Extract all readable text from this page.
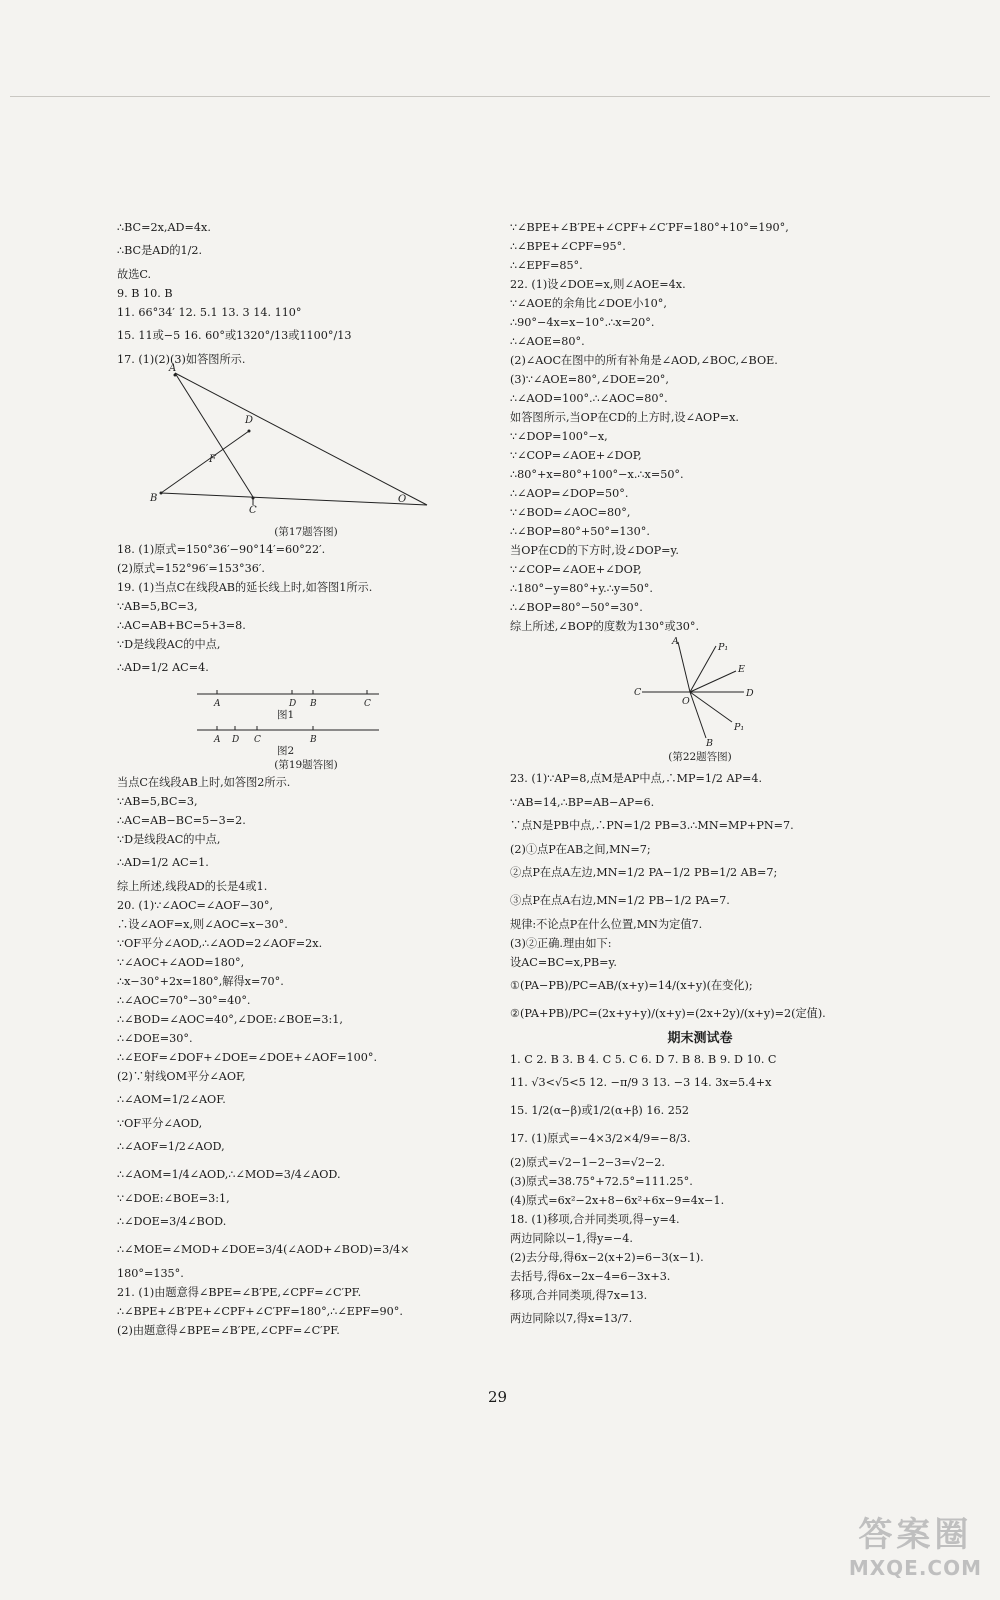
∴BC=2x,AD=4x.
∴BC是AD的1/2.
故选C.
9. B 10. B
11. 66°34′ 12. 5.1 13. 3 14. 110°
15. 11或−5 16. 60°或1320°/13或1100°/13
17. (1)(2)(3)如答图所示.
A
D
F
B
C
O
(第17题答图)
18. (1)原式=150°36′−90°14′=60°22′.
(2)原式=152°96′=153°36′.
19. (1)当点C在线段AB的延长线上时,如答图1所示.
∵AB=5,BC=3,
∴AC=AB+BC=5+3=8.
∵D是线段AC的中点,
∴AD=1/2 AC=4.
A	D B	C
A D C	B
图1
图2
(第19题答图)
当点C在线段AB上时,如答图2所示.
∵AB=5,BC=3,
∴AC=AB−BC=5−3=2.
∵D是线段AC的中点,
∴AD=1/2 AC=1.
综上所述,线段AD的长是4或1.
20. (1)∵∠AOC=∠AOF−30°,
∴设∠AOF=x,则∠AOC=x−30°.
∵OF平分∠AOD,∴∠AOD=2∠AOF=2x.
∵∠AOC+∠AOD=180°,
∴x−30°+2x=180°,解得x=70°.
∴∠AOC=70°−30°=40°.
∴∠BOD=∠AOC=40°,∠DOE:∠BOE=3:1,
∴∠DOE=30°.
∴∠EOF=∠DOF+∠DOE=∠DOE+∠AOF=100°.
(2)∵射线OM平分∠AOF,
∴∠AOM=1/2∠AOF.
∵OF平分∠AOD,
∴∠AOF=1/2∠AOD,
∴∠AOM=1/4∠AOD,∴∠MOD=3/4∠AOD.
∵∠DOE:∠BOE=3:1,
∴∠DOE=3/4∠BOD.
∴∠MOE=∠MOD+∠DOE=3/4(∠AOD+∠BOD)=3/4×
180°=135°.
21. (1)由题意得∠BPE=∠B′PE,∠CPF=∠C′PF.
∴∠BPE+∠B′PE+∠CPF+∠C′PF=180°,∴∠EPF=90°.
(2)由题意得∠BPE=∠B′PE,∠CPF=∠C′PF.
∵∠BPE+∠B′PE+∠CPF+∠C′PF=180°+10°=190°,
∴∠BPE+∠CPF=95°.
∴∠EPF=85°.
22. (1)设∠DOE=x,则∠AOE=4x.
∵∠AOE的余角比∠DOE小10°,
∴90°−4x=x−10°.∴x=20°.
∴∠AOE=80°.
(2)∠AOC在图中的所有补角是∠AOD,∠BOC,∠BOE.
(3)∵∠AOE=80°,∠DOE=20°,
∴∠AOD=100°.∴∠AOC=80°.
如答图所示,当OP在CD的上方时,设∠AOP=x.
∵∠DOP=100°−x,
∵∠COP=∠AOE+∠DOP,
∴80°+x=80°+100°−x.∴x=50°.
∴∠AOP=∠DOP=50°.
∵∠BOD=∠AOC=80°,
∴∠BOP=80°+50°=130°.
当OP在CD的下方时,设∠DOP=y.
∵∠COP=∠AOE+∠DOP,
∴180°−y=80°+y.∴y=50°.
∴∠BOP=80°−50°=30°.
综上所述,∠BOP的度数为130°或30°.
A
P₁
E
C
O
D
P₁
B
(第22题答图)
23. (1)∵AP=8,点M是AP中点,∴MP=1/2 AP=4.
∵AB=14,∴BP=AB−AP=6.
∵点N是PB中点,∴PN=1/2 PB=3.∴MN=MP+PN=7.
(2)①点P在AB之间,MN=7;
②点P在点A左边,MN=1/2 PA−1/2 PB=1/2 AB=7;
③点P在点A右边,MN=1/2 PB−1/2 PA=7.
规律:不论点P在什么位置,MN为定值7.
(3)②正确.理由如下:
设AC=BC=x,PB=y.
①(PA−PB)/PC=AB/(x+y)=14/(x+y)(在变化);
②(PA+PB)/PC=(2x+y+y)/(x+y)=(2x+2y)/(x+y)=2(定值).
期末测试卷
1. C 2. B 3. B 4. C 5. C 6. D 7. B 8. B 9. D 10. C
11. √3<√5<5 12. −π/9 3 13. −3 14. 3x=5.4+x
15. 1/2(α−β)或1/2(α+β) 16. 252
17. (1)原式=−4×3/2×4/9=−8/3.
(2)原式=√2−1−2−3=√2−2.
(3)原式=38.75°+72.5°=111.25°.
(4)原式=6x²−2x+8−6x²+6x−9=4x−1.
18. (1)移项,合并同类项,得−y=4.
两边同除以−1,得y=−4.
(2)去分母,得6x−2(x+2)=6−3(x−1).
去括号,得6x−2x−4=6−3x+3.
移项,合并同类项,得7x=13.
两边同除以7,得x=13/7.
29
答案圈
MXQE.COM
